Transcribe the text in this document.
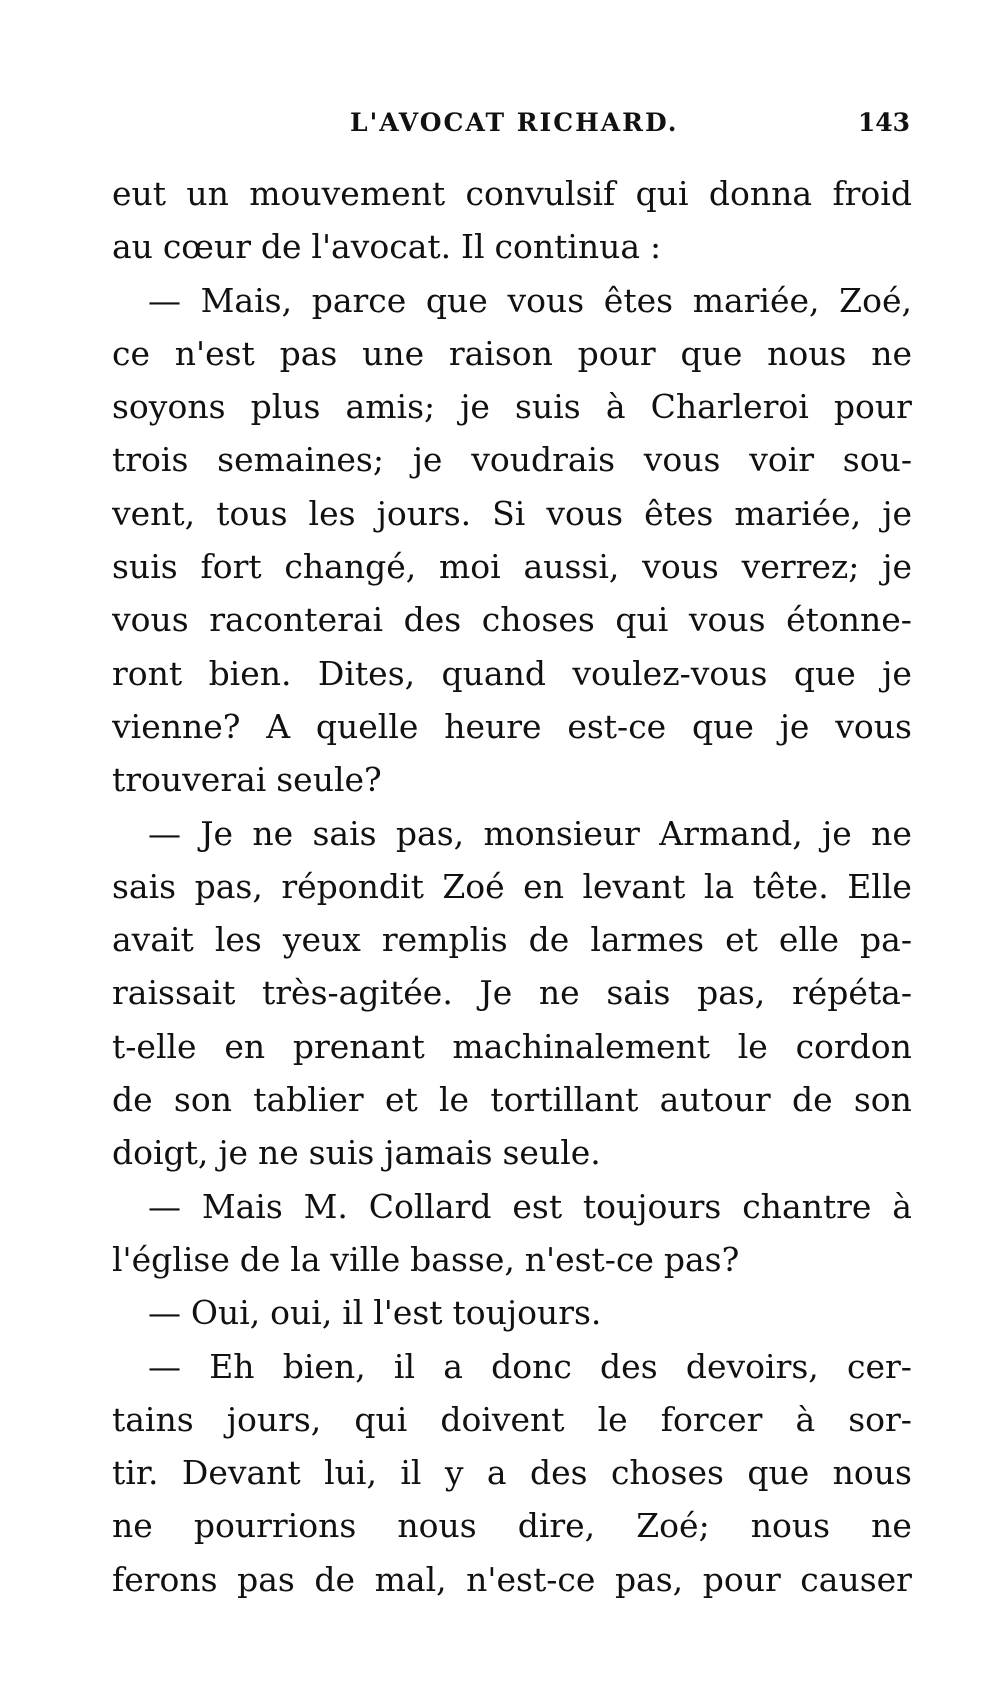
L'AVOCAT RICHARD.	143
eut un mouvement convulsif qui donna froid
au cœur de l'avocat. Il continua :
— Mais, parce que vous êtes mariée, Zoé,
ce n'est pas une raison pour que nous ne
soyons plus amis; je suis à Charleroi pour
trois semaines; je voudrais vous voir sou-
vent, tous les jours. Si vous êtes mariée, je
suis fort changé, moi aussi, vous verrez; je
vous raconterai des choses qui vous étonne-
ront bien. Dites, quand voulez-vous que je
vienne? A quelle heure est-ce que je vous
trouverai seule?
— Je ne sais pas, monsieur Armand, je ne
sais pas, répondit Zoé en levant la tête. Elle
avait les yeux remplis de larmes et elle pa-
raissait très-agitée. Je ne sais pas, répéta-
t-elle en prenant machinalement le cordon
de son tablier et le tortillant autour de son
doigt, je ne suis jamais seule.
— Mais M. Collard est toujours chantre à
l'église de la ville basse, n'est-ce pas?
— Oui, oui, il l'est toujours.
— Eh bien, il a donc des devoirs, cer-
tains jours, qui doivent le forcer à sor-
tir. Devant lui, il y a des choses que nous
ne pourrions nous dire, Zoé; nous ne
ferons pas de mal, n'est-ce pas, pour causer
